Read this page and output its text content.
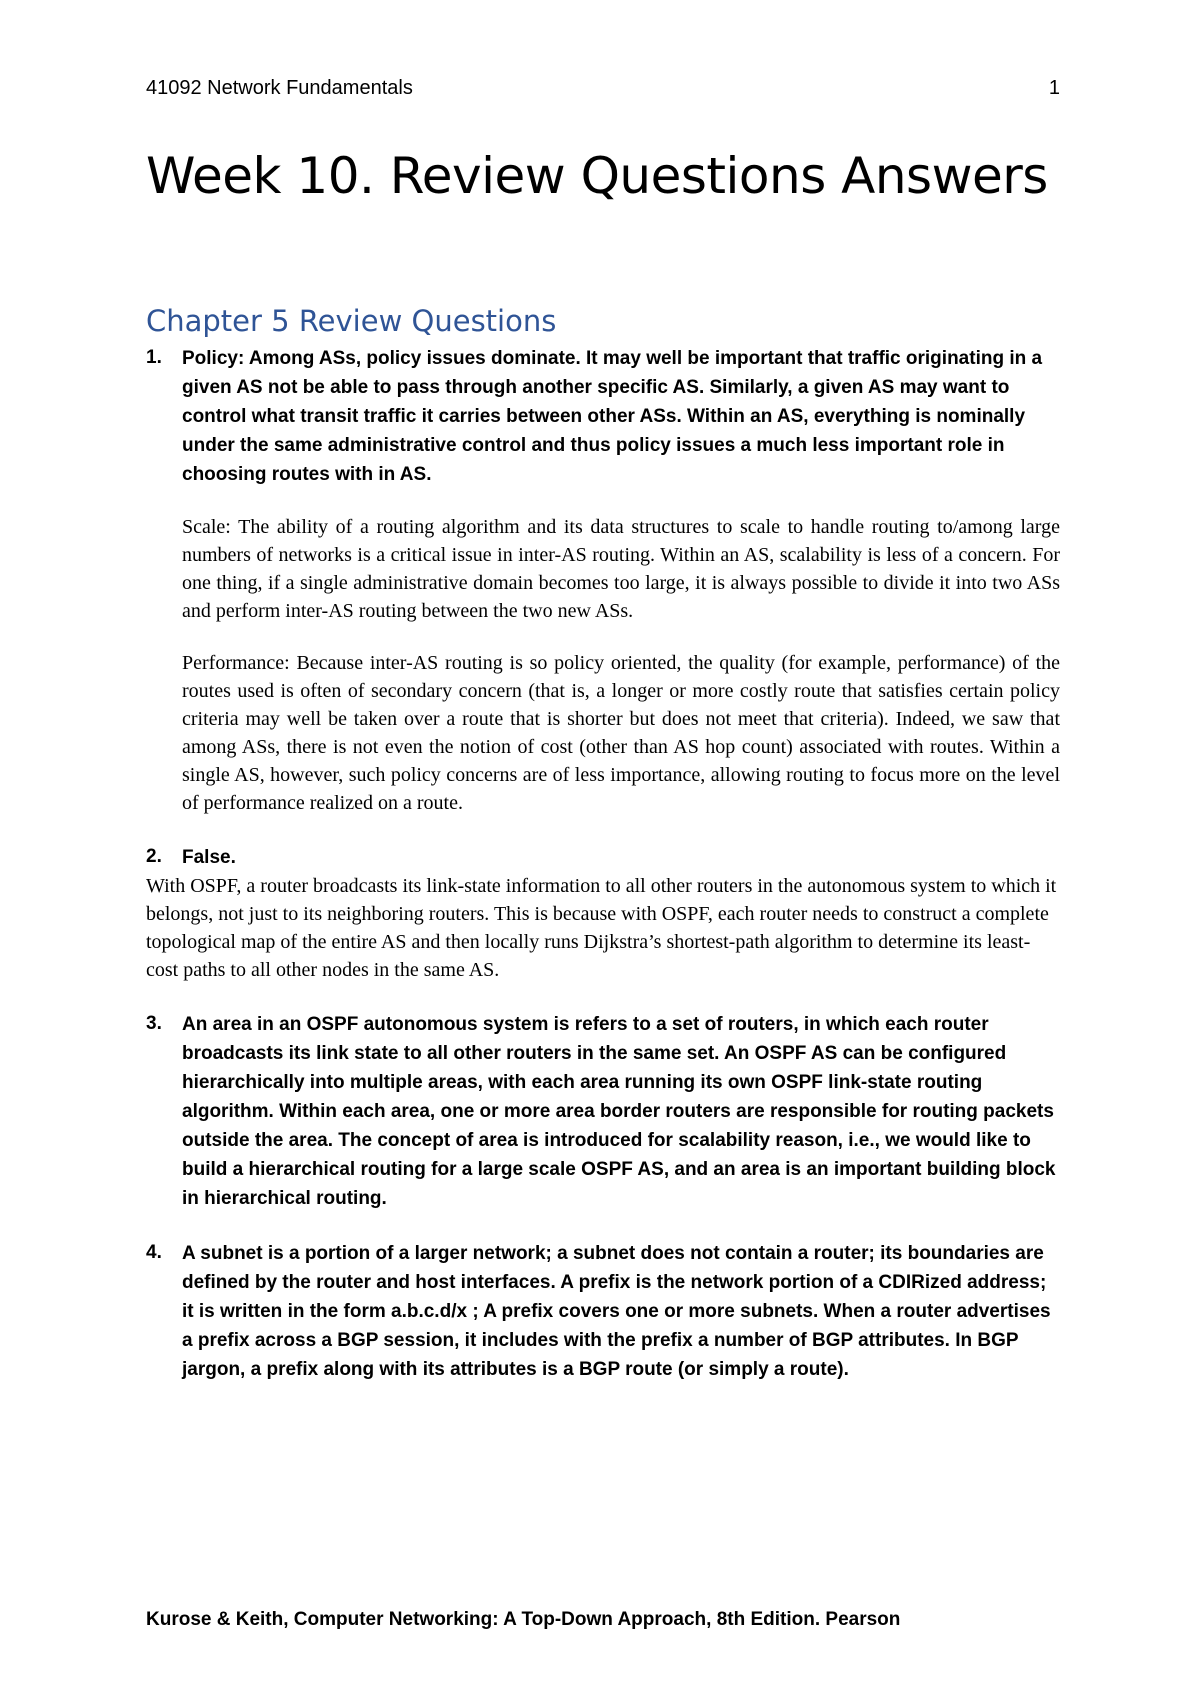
41092 Network Fundamentals	1
Week 10. Review Questions Answers
Chapter 5 Review Questions
1. Policy: Among ASs, policy issues dominate. It may well be important that traffic originating in a given AS not be able to pass through another specific AS. Similarly, a given AS may want to control what transit traffic it carries between other ASs. Within an AS, everything is nominally under the same administrative control and thus policy issues a much less important role in choosing routes with in AS.

Scale: The ability of a routing algorithm and its data structures to scale to handle routing to/among large numbers of networks is a critical issue in inter-AS routing. Within an AS, scalability is less of a concern. For one thing, if a single administrative domain becomes too large, it is always possible to divide it into two ASs and perform inter-AS routing between the two new ASs.

Performance: Because inter-AS routing is so policy oriented, the quality (for example, performance) of the routes used is often of secondary concern (that is, a longer or more costly route that satisfies certain policy criteria may well be taken over a route that is shorter but does not meet that criteria). Indeed, we saw that among ASs, there is not even the notion of cost (other than AS hop count) associated with routes. Within a single AS, however, such policy concerns are of less importance, allowing routing to focus more on the level of performance realized on a route.

2. False.

With OSPF, a router broadcasts its link-state information to all other routers in the autonomous system to which it belongs, not just to its neighboring routers. This is because with OSPF, each router needs to construct a complete topological map of the entire AS and then locally runs Dijkstra’s shortest-path algorithm to determine its least-cost paths to all other nodes in the same AS.

3. An area in an OSPF autonomous system is refers to a set of routers, in which each router broadcasts its link state to all other routers in the same set. An OSPF AS can be configured hierarchically into multiple areas, with each area running its own OSPF link-state routing algorithm. Within each area, one or more area border routers are responsible for routing packets outside the area. The concept of area is introduced for scalability reason, i.e., we would like to build a hierarchical routing for a large scale OSPF AS, and an area is an important building block in hierarchical routing.

4. A subnet is a portion of a larger network; a subnet does not contain a router; its boundaries are defined by the router and host interfaces. A prefix is the network portion of a CDIRized address; it is written in the form a.b.c.d/x ; A prefix covers one or more subnets. When a router advertises a prefix across a BGP session, it includes with the prefix a number of BGP attributes. In BGP jargon, a prefix along with its attributes is a BGP route (or simply a route).

Kurose & Keith, Computer Networking: A Top-Down Approach, 8th Edition. Pearson
